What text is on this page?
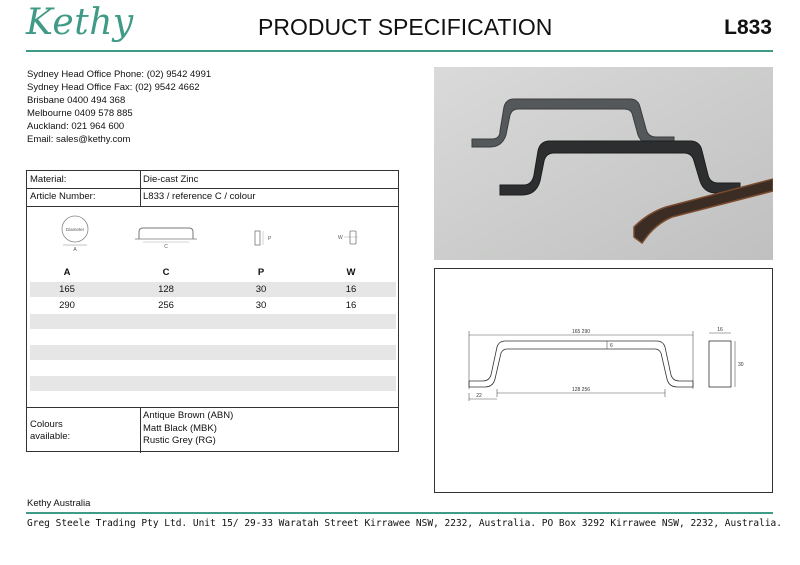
Kethy	PRODUCT SPECIFICATION	L833
Sydney Head Office Phone: (02) 9542 4991
Sydney Head Office Fax: (02) 9542 4662
Brisbane 0400 494 368
Melbourne 0409 578 885
Auckland: 021 964 600
Email: sales@kethy.com
Material:	Die-cast Zinc
Article Number:	L833 / reference C / colour
Diameter
A	C
P	W
A	C	P	W
165	128	30	16
290	256	30	16
Colours
available:
Antique Brown (ABN)
Matt Black (MBK)
Rustic Grey (RG)
165 290
6
128 256
22
16
30
Kethy Australia
Greg Steele Trading Pty Ltd. Unit 15/ 29-33 Waratah Street Kirrawee NSW, 2232, Australia. PO Box 3292 Kirrawee NSW, 2232, Australia.
